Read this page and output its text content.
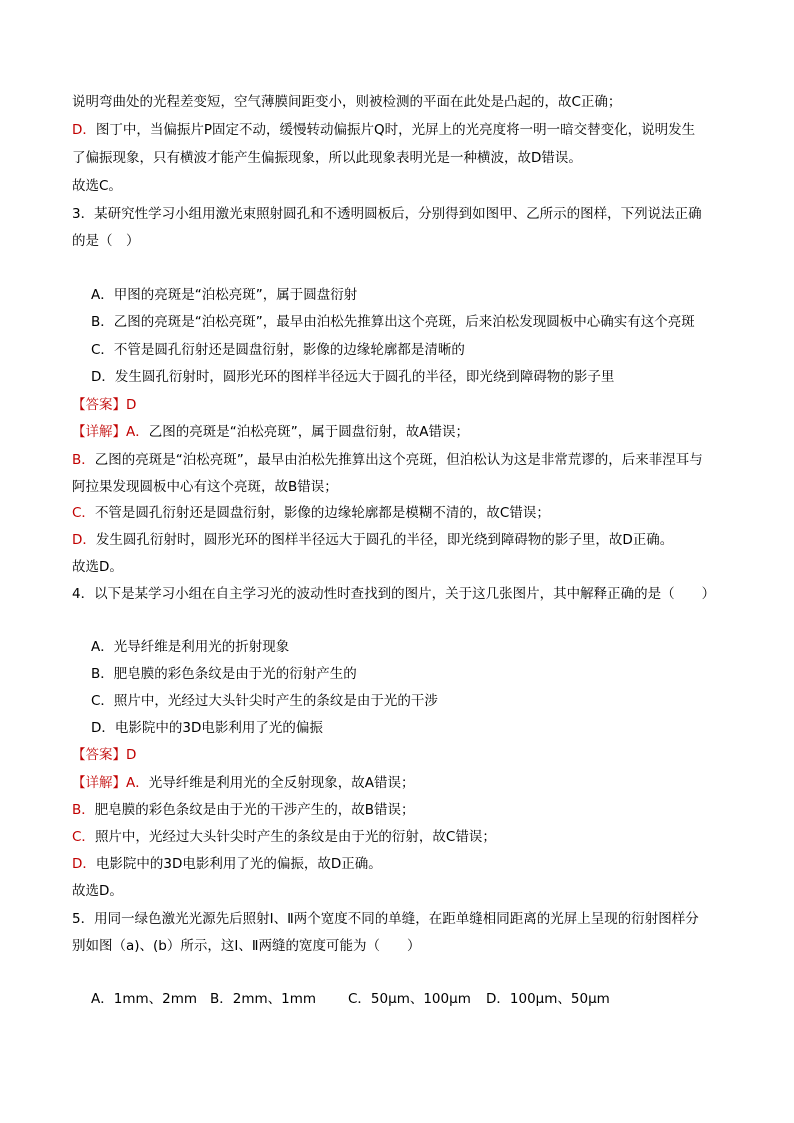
说明弯曲处的光程差变短，空气薄膜间距变小，则被检测的平面在此处是凸起的，故C正确；
D．图丁中，当偏振片P固定不动，缓慢转动偏振片Q时，光屏上的光亮度将一明一暗交替变化，说明发生
了偏振现象，只有横波才能产生偏振现象，所以此现象表明光是一种横波，故D错误。
故选C。
3．某研究性学习小组用激光束照射圆孔和不透明圆板后，分别得到如图甲、乙所示的图样，下列说法正确
的是（　）
A．甲图的亮斑是“泊松亮斑”，属于圆盘衍射
B．乙图的亮斑是“泊松亮斑”，最早由泊松先推算出这个亮斑，后来泊松发现圆板中心确实有这个亮斑
C．不管是圆孔衍射还是圆盘衍射，影像的边缘轮廓都是清晰的
D．发生圆孔衍射时，圆形光环的图样半径远大于圆孔的半径，即光绕到障碍物的影子里
【答案】D
【详解】A．乙图的亮斑是“泊松亮斑”，属于圆盘衍射，故A错误；
B．乙图的亮斑是“泊松亮斑”，最早由泊松先推算出这个亮斑，但泊松认为这是非常荒谬的，后来菲涅耳与
阿拉果发现圆板中心有这个亮斑，故B错误；
C．不管是圆孔衍射还是圆盘衍射，影像的边缘轮廓都是模糊不清的，故C错误；
D．发生圆孔衍射时，圆形光环的图样半径远大于圆孔的半径，即光绕到障碍物的影子里，故D正确。
故选D。
4．以下是某学习小组在自主学习光的波动性时查找到的图片，关于这几张图片，其中解释正确的是（　　）
A．光导纤维是利用光的折射现象
B．肥皂膜的彩色条纹是由于光的衍射产生的
C．照片中，光经过大头针尖时产生的条纹是由于光的干涉
D．电影院中的3D电影利用了光的偏振
【答案】D
【详解】A．光导纤维是利用光的全反射现象，故A错误；
B．肥皂膜的彩色条纹是由于光的干涉产生的，故B错误；
C．照片中，光经过大头针尖时产生的条纹是由于光的衍射，故C错误；
D．电影院中的3D电影利用了光的偏振，故D正确。
故选D。
5．用同一绿色激光光源先后照射Ⅰ、Ⅱ两个宽度不同的单缝，在距单缝相同距离的光屏上呈现的衍射图样分
别如图（a)、(b）所示，这Ⅰ、Ⅱ两缝的宽度可能为（　　）
A．1mm、2mm B．2mm、1mm C．50μm、100μm D．100μm、50μm
